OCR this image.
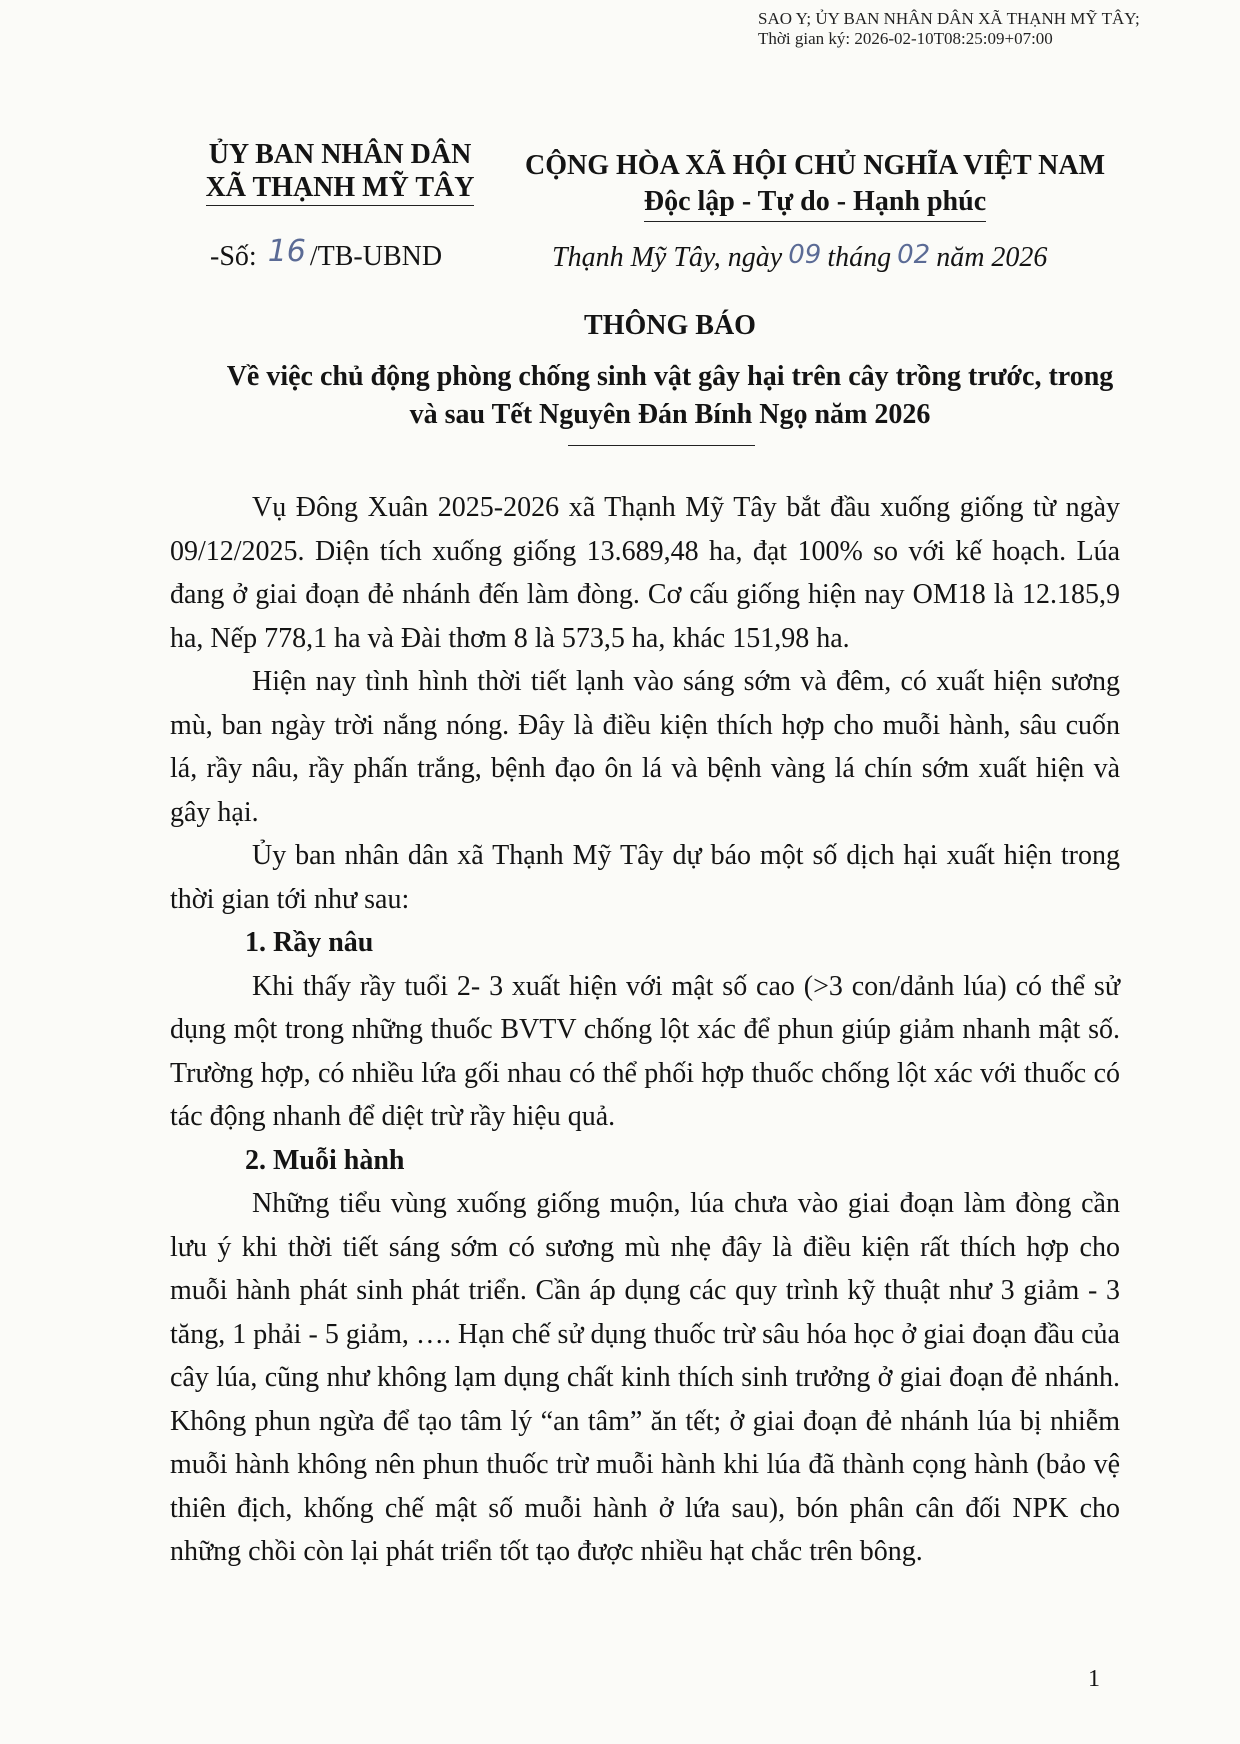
SAO Y; ỦY BAN NHÂN DÂN XÃ THẠNH MỸ TÂY;
Thời gian ký: 2026-02-10T08:25:09+07:00
ỦY BAN NHÂN DÂN
XÃ THẠNH MỸ TÂY
CỘNG HÒA XÃ HỘI CHỦ NGHĨA VIỆT NAM
Độc lập - Tự do - Hạnh phúc
-Số: 16 /TB-UBND	Thạnh Mỹ Tây, ngày 09 tháng 02 năm 2026
THÔNG BÁO
Về việc chủ động phòng chống sinh vật gây hại trên cây trồng trước, trong
và sau Tết Nguyên Đán Bính Ngọ năm 2026

Vụ Đông Xuân 2025-2026 xã Thạnh Mỹ Tây bắt đầu xuống giống từ ngày 09/12/2025. Diện tích xuống giống 13.689,48 ha, đạt 100% so với kế hoạch. Lúa đang ở giai đoạn đẻ nhánh đến làm đòng. Cơ cấu giống hiện nay OM18 là 12.185,9 ha, Nếp 778,1 ha và Đài thơm 8 là 573,5 ha, khác 151,98 ha.

Hiện nay tình hình thời tiết lạnh vào sáng sớm và đêm, có xuất hiện sương mù, ban ngày trời nắng nóng. Đây là điều kiện thích hợp cho muỗi hành, sâu cuốn lá, rầy nâu, rầy phấn trắng, bệnh đạo ôn lá và bệnh vàng lá chín sớm xuất hiện và gây hại.

Ủy ban nhân dân xã Thạnh Mỹ Tây dự báo một số dịch hại xuất hiện trong thời gian tới như sau:

1. Rầy nâu

Khi thấy rầy tuổi 2- 3 xuất hiện với mật số cao (>3 con/dảnh lúa) có thể sử dụng một trong những thuốc BVTV chống lột xác để phun giúp giảm nhanh mật số. Trường hợp, có nhiều lứa gối nhau có thể phối hợp thuốc chống lột xác với thuốc có tác động nhanh để diệt trừ rầy hiệu quả.

2. Muỗi hành

Những tiểu vùng xuống giống muộn, lúa chưa vào giai đoạn làm đòng cần lưu ý khi thời tiết sáng sớm có sương mù nhẹ đây là điều kiện rất thích hợp cho muỗi hành phát sinh phát triển. Cần áp dụng các quy trình kỹ thuật như 3 giảm - 3 tăng, 1 phải - 5 giảm, …. Hạn chế sử dụng thuốc trừ sâu hóa học ở giai đoạn đầu của cây lúa, cũng như không lạm dụng chất kinh thích sinh trưởng ở giai đoạn đẻ nhánh. Không phun ngừa để tạo tâm lý “an tâm” ăn tết; ở giai đoạn đẻ nhánh lúa bị nhiễm muỗi hành không nên phun thuốc trừ muỗi hành khi lúa đã thành cọng hành (bảo vệ thiên địch, khống chế mật số muỗi hành ở lứa sau), bón phân cân đối NPK cho những chồi còn lại phát triển tốt tạo được nhiều hạt chắc trên bông.

1
